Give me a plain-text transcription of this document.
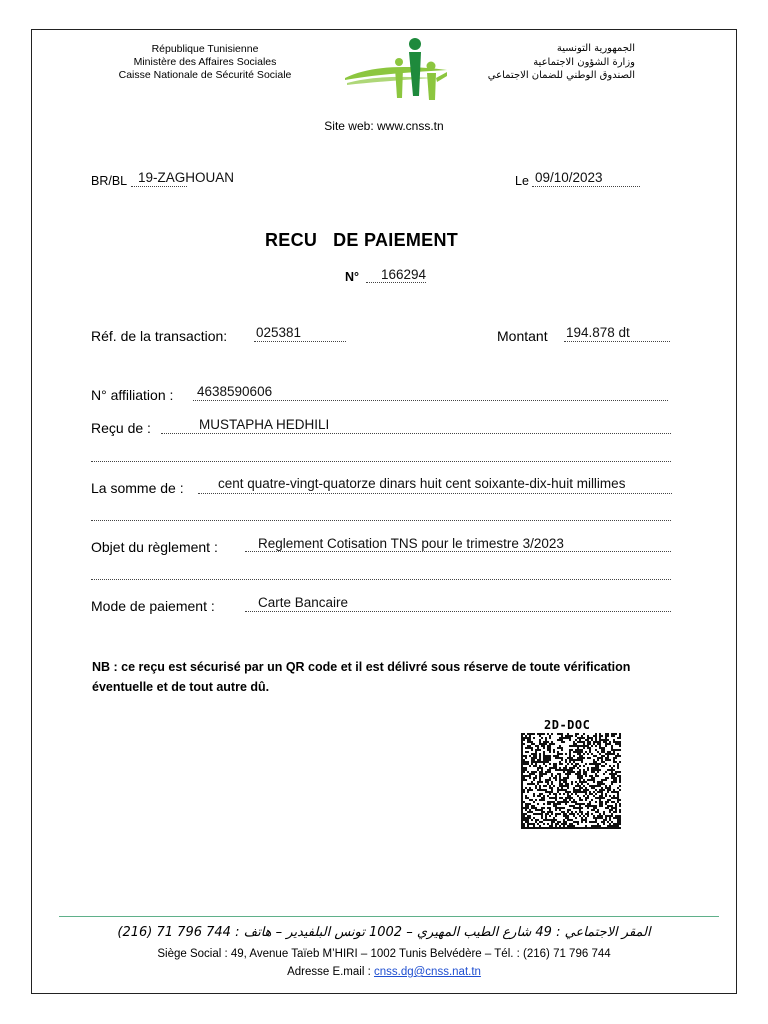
République Tunisienne
Ministère des Affaires Sociales
Caisse Nationale de Sécurité Sociale
الجمهورية التونسية
وزارة الشؤون الاجتماعية
الصندوق الوطني للضمان الاجتماعي
Site web: www.cnss.tn
BR/BL 19-ZAGHOUAN	Le 09/10/2023
RECU   DE PAIEMENT
N° 166294
Réf. de la transaction: 025381	Montant 194.878 dt
N° affiliation : 4638590606
Reçu de :	MUSTAPHA HEDHILI
La somme de :	cent quatre-vingt-quatorze dinars huit cent soixante-dix-huit millimes
Objet du règlement :	Reglement Cotisation TNS pour le trimestre 3/2023
Mode de paiement :	Carte Bancaire
NB : ce reçu est sécurisé par un QR code et il est délivré sous réserve de toute vérification éventuelle et de tout autre dû.
2D-DOC
المقر الاجتماعي : 49 شارع الطيب المهيري – 1002 تونس البلفيدير – هاتف : 744 796 71 (216)
Siège Social : 49, Avenue Taïeb M’HIRI – 1002 Tunis Belvédère – Tél. : (216) 71 796 744
Adresse E.mail : cnss.dg@cnss.nat.tn
